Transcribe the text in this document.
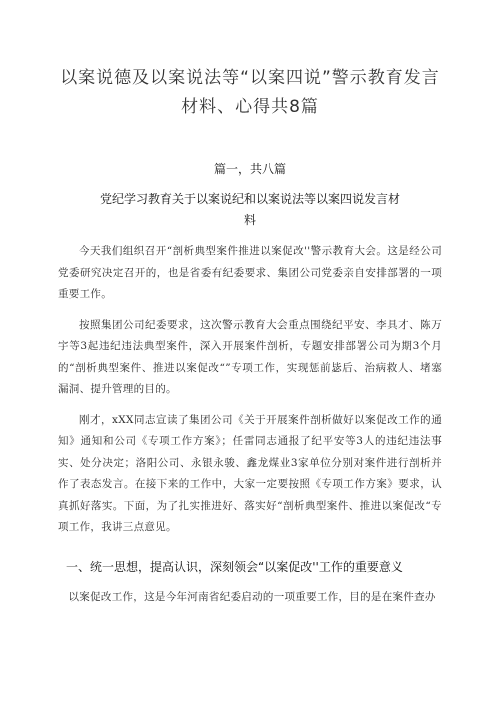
以案说德及以案说法等“以案四说”警示教育发言
材料、心得共8篇
篇一，共八篇
党纪学习教育关于以案说纪和以案说法等以案四说发言材
料

今天我们组织召开“剖析典型案件推进以案促改''警示教育大会。这是经公司党委研究决定召开的，也是省委有纪委要求、集团公司党委亲自安排部署的一项重要工作。

按照集团公司纪委要求，这次警示教育大会重点围绕纪平安、李具才、陈万宇等3起违纪违法典型案件，深入开展案件剖析，专题安排部署公司为期3个月的“剖析典型案件、推进以案促改“”专项工作，实现惩前毖后、治病救人、堵塞漏洞、提升管理的目的。

刚才，xXX同志宣读了集团公司《关于开展案件剖析做好以案促改工作的通知》通知和公司《专项工作方案》；任雷同志通报了纪平安等3人的违纪违法事实、处分决定；洛阳公司、永银永骏、鑫龙煤业3家单位分别对案件进行剖析并作了表态发言。在接下来的工作中，大家一定要按照《专项工作方案》要求，认真抓好落实。下面，为了扎实推进好、落实好“剖析典型案件、推进以案促改“专项工作，我讲三点意见。

一、统一思想，提高认识，深刻领会“以案促改''工作的重要意义

以案促改工作，这是今年河南省纪委启动的一项重要工作，目的是在案件查办
